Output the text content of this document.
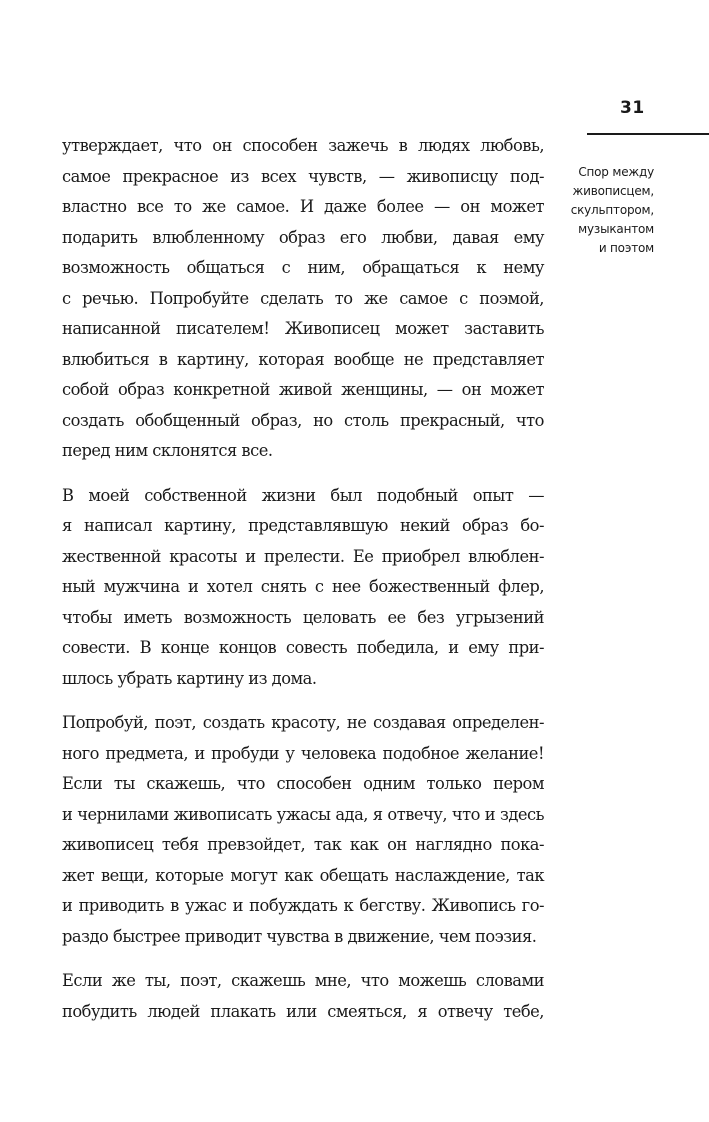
31
Спор между
живописцем,
скульптором,
музыкантом
и поэтом

утверждает, что он способен зажечь в людях любовь,
самое прекрасное из всех чувств, — живописцу под-
властно все то же самое. И даже более — он может
подарить влюбленному образ его любви, давая ему
возможность общаться с ним, обращаться к нему
с речью. Попробуйте сделать то же самое с поэмой,
написанной писателем! Живописец может заставить
влюбиться в картину, которая вообще не представляет
собой образ конкретной живой женщины, — он может
создать обобщенный образ, но столь прекрасный, что
перед ним склонятся все.

В моей собственной жизни был подобный опыт —
я написал картину, представлявшую некий образ бо-
жественной красоты и прелести. Ее приобрел влюблен-
ный мужчина и хотел снять с нее божественный флер,
чтобы иметь возможность целовать ее без угрызений
совести. В конце концов совесть победила, и ему при-
шлось убрать картину из дома.

Попробуй, поэт, создать красоту, не создавая определен-
ного предмета, и пробуди у человека подобное желание!
Если ты скажешь, что способен одним только пером
и чернилами живописать ужасы ада, я отвечу, что и здесь
живописец тебя превзойдет, так как он наглядно пока-
жет вещи, которые могут как обещать наслаждение, так
и приводить в ужас и побуждать к бегству. Живопись го-
раздо быстрее приводит чувства в движение, чем поэзия.

Если же ты, поэт, скажешь мне, что можешь словами
побудить людей плакать или смеяться, я отвечу тебе,
